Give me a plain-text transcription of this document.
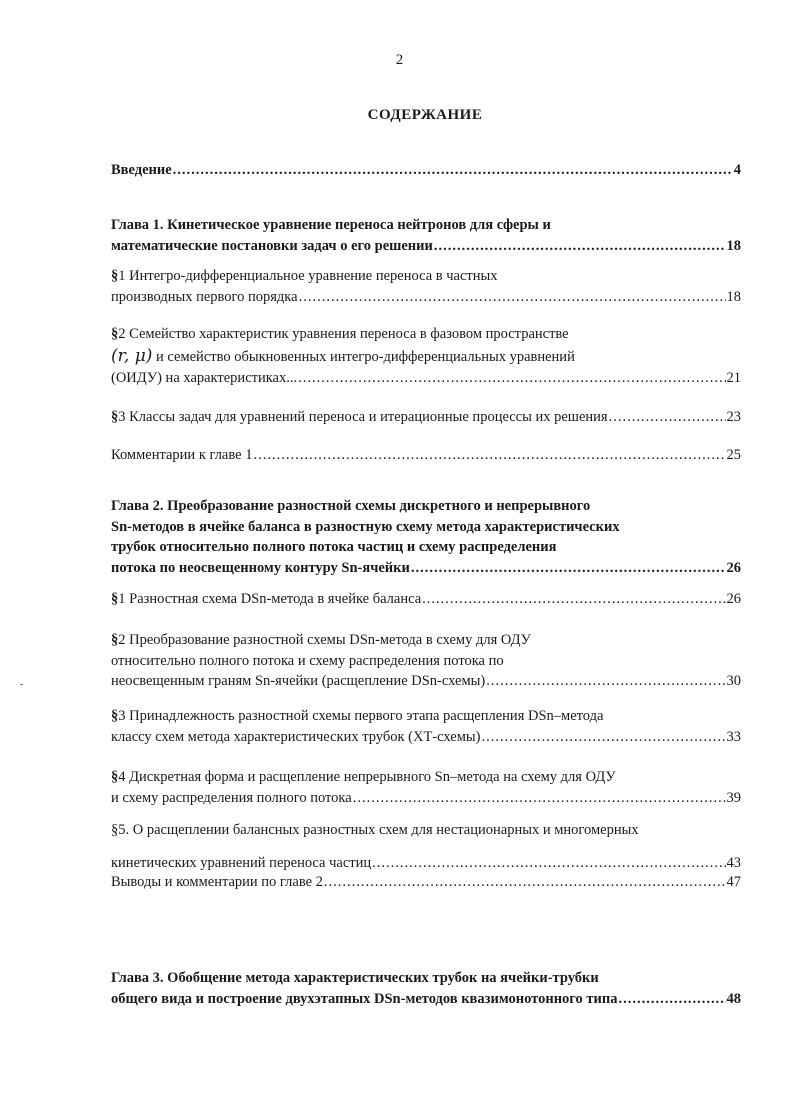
2
СОДЕРЖАНИЕ
Введение .....	4
Глава 1. Кинетическое уравнение переноса нейтронов для сферы и
математические постановки задач о его решении .....	18
§1 Интегро-дифференциальное уравнение переноса в частных
производных первого порядка .....	18
§2 Семейство характеристик уравнения переноса в фазовом пространстве
(r, μ) и семейство обыкновенных интегро-дифференциальных уравнений
(ОИДУ) на характеристиках... .....	21
§3 Классы задач для уравнений переноса и итерационные процессы их решения .....	23
Комментарии к главе 1 .....	25
Глава 2. Преобразование разностной схемы дискретного и непрерывного
Sn-методов в ячейке баланса в разностную схему метода характеристических
трубок относительно полного потока частиц и схему распределения
потока по неосвещенному контуру Sn-ячейки .....	26
§1 Разностная схема DSn-метода в ячейке баланса .....	26
§2 Преобразование разностной схемы DSn-метода в схему для ОДУ
относительно полного потока и схему распределения потока по
неосвещенным граням Sn-ячейки (расщепление DSn-схемы) .....	30
§3 Принадлежность разностной схемы первого этапа расщепления DSn–метода
классу схем метода характеристических трубок (ХТ-схемы) .....	33
§4 Дискретная форма и расщепление непрерывного Sn–метода на схему для ОДУ
и схему распределения полного потока .....	39
§5. О расщеплении балансных разностных схем для нестационарных и многомерных
кинетических уравнений переноса частиц .....	43
Выводы и комментарии по главе 2 .....	47
Глава 3. Обобщение метода характеристических трубок на ячейки-трубки
общего вида и построение двухэтапных DSn-методов квазимонотонного типа .....	48
